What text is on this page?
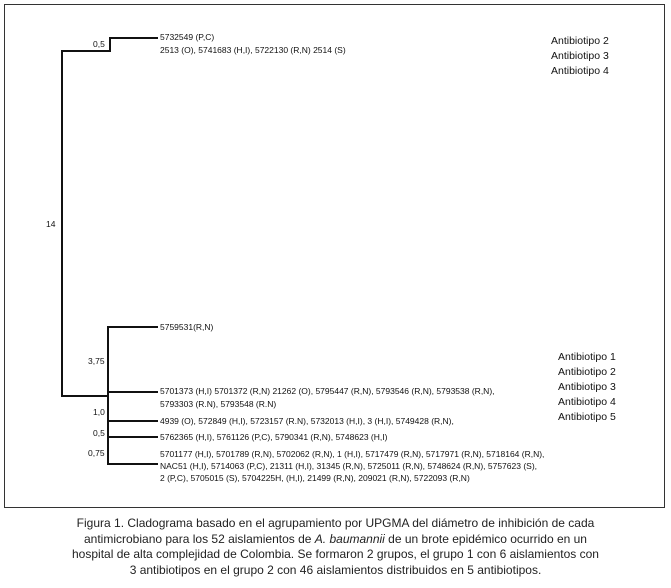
0,5
14
3,75
1,0
0,5
0,75
5732549 (P,C)
2513 (O), 5741683 (H,I), 5722130 (R,N) 2514 (S)
Antibiotipo 2
Antibiotipo 3
Antibiotipo 4
5759531(R,N)
5701373 (H,I) 5701372 (R,N) 21262 (O), 5795447 (R,N), 5793546 (R,N), 5793538 (R,N),
5793303 (R.N), 5793548 (R.N)
4939 (O), 572849 (H,I), 5723157 (R.N), 5732013 (H,I), 3 (H,I), 5749428 (R,N),
5762365 (H,I), 5761126 (P,C), 5790341 (R,N), 5748623 (H,I)
5701177 (H,I), 5701789 (R,N), 5702062 (R,N), 1 (H,I), 5717479 (R,N), 5717971 (R,N), 5718164 (R,N),
NAC51 (H,I), 5714063 (P,C), 21311 (H,I), 31345 (R,N), 5725011 (R,N), 5748624 (R,N), 5757623 (S),
2 (P,C), 5705015 (S), 5704225H, (H,I), 21499 (R,N), 209021 (R,N), 5722093 (R,N)
Antibiotipo 1
Antibiotipo 2
Antibiotipo 3
Antibiotipo 4
Antibiotipo 5
Figura 1. Cladograma basado en el agrupamiento por UPGMA del diámetro de inhibición de cada
antimicrobiano para los 52 aislamientos de A. baumannii de un brote epidémico ocurrido en un
hospital de alta complejidad de Colombia. Se formaron 2 grupos, el grupo 1 con 6 aislamientos con
3 antibiotipos en el grupo 2 con 46 aislamientos distribuidos en 5 antibiotipos.
